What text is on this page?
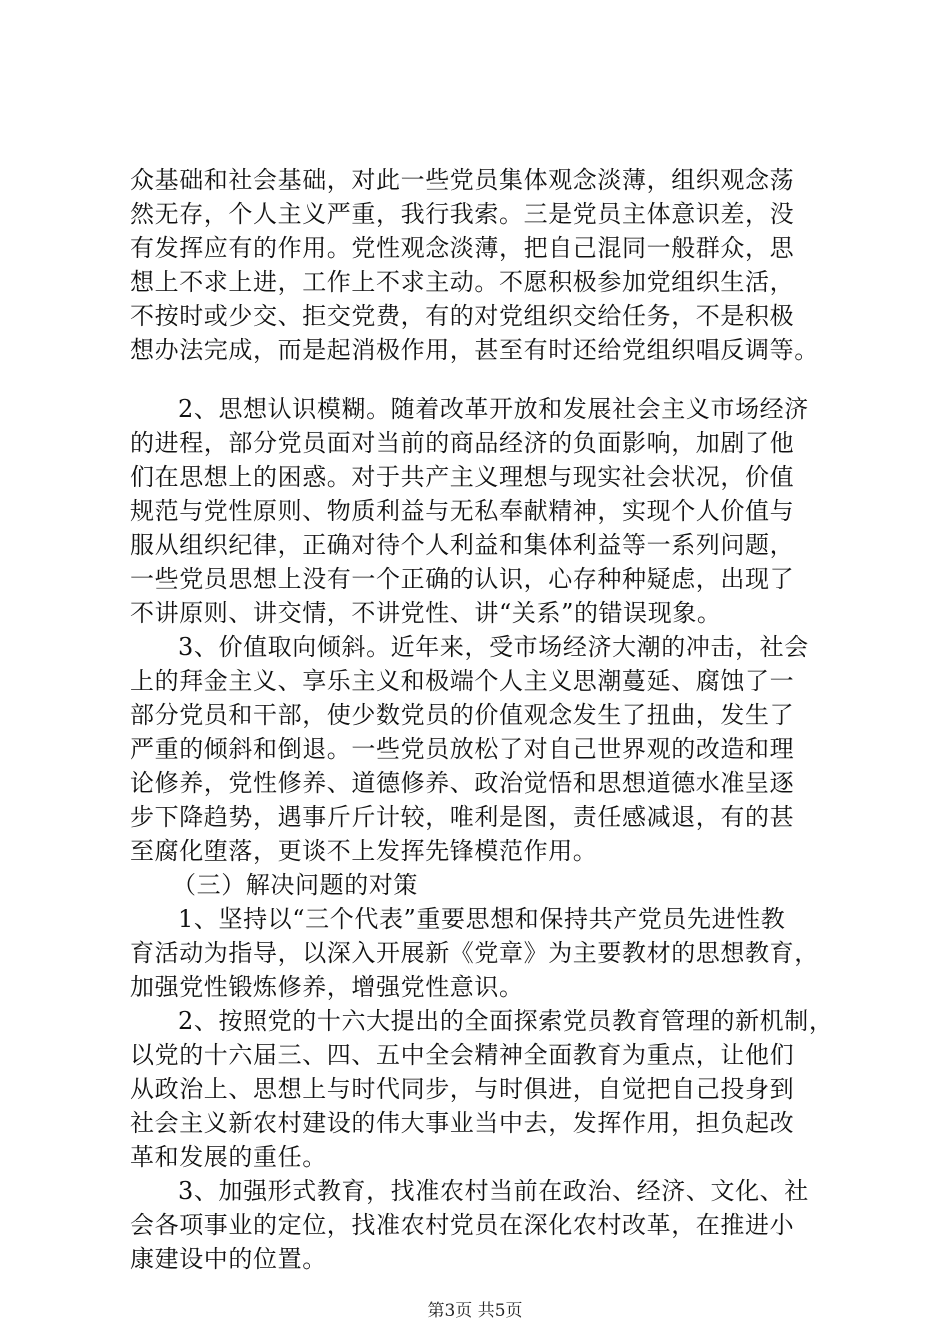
众基础和社会基础，对此一些党员集体观念淡薄，组织观念荡
然无存，个人主义严重，我行我索。三是党员主体意识差，没
有发挥应有的作用。党性观念淡薄，把自己混同一般群众，思
想上不求上进，工作上不求主动。不愿积极参加党组织生活，
不按时或少交、拒交党费，有的对党组织交给任务，不是积极
想办法完成，而是起消极作用，甚至有时还给党组织唱反调等。
2、思想认识模糊。随着改革开放和发展社会主义市场经济
的进程，部分党员面对当前的商品经济的负面影响，加剧了他
们在思想上的困惑。对于共产主义理想与现实社会状况，价值
规范与党性原则、物质利益与无私奉献精神，实现个人价值与
服从组织纪律，正确对待个人利益和集体利益等一系列问题，
一些党员思想上没有一个正确的认识，心存种种疑虑，出现了
不讲原则、讲交情，不讲党性、讲“关系”的错误现象。
3、价值取向倾斜。近年来，受市场经济大潮的冲击，社会
上的拜金主义、享乐主义和极端个人主义思潮蔓延、腐蚀了一
部分党员和干部，使少数党员的价值观念发生了扭曲，发生了
严重的倾斜和倒退。一些党员放松了对自己世界观的改造和理
论修养，党性修养、道德修养、政治觉悟和思想道德水准呈逐
步下降趋势，遇事斤斤计较，唯利是图，责任感减退，有的甚
至腐化堕落，更谈不上发挥先锋模范作用。
（三）解决问题的对策
1、坚持以“三个代表”重要思想和保持共产党员先进性教
育活动为指导，以深入开展新《党章》为主要教材的思想教育，
加强党性锻炼修养，增强党性意识。
2、按照党的十六大提出的全面探索党员教育管理的新机制，
以党的十六届三、四、五中全会精神全面教育为重点，让他们
从政治上、思想上与时代同步，与时俱进，自觉把自己投身到
社会主义新农村建设的伟大事业当中去，发挥作用，担负起改
革和发展的重任。
3、加强形式教育，找准农村当前在政治、经济、文化、社
会各项事业的定位，找准农村党员在深化农村改革，在推进小
康建设中的位置。
第3页 共5页
